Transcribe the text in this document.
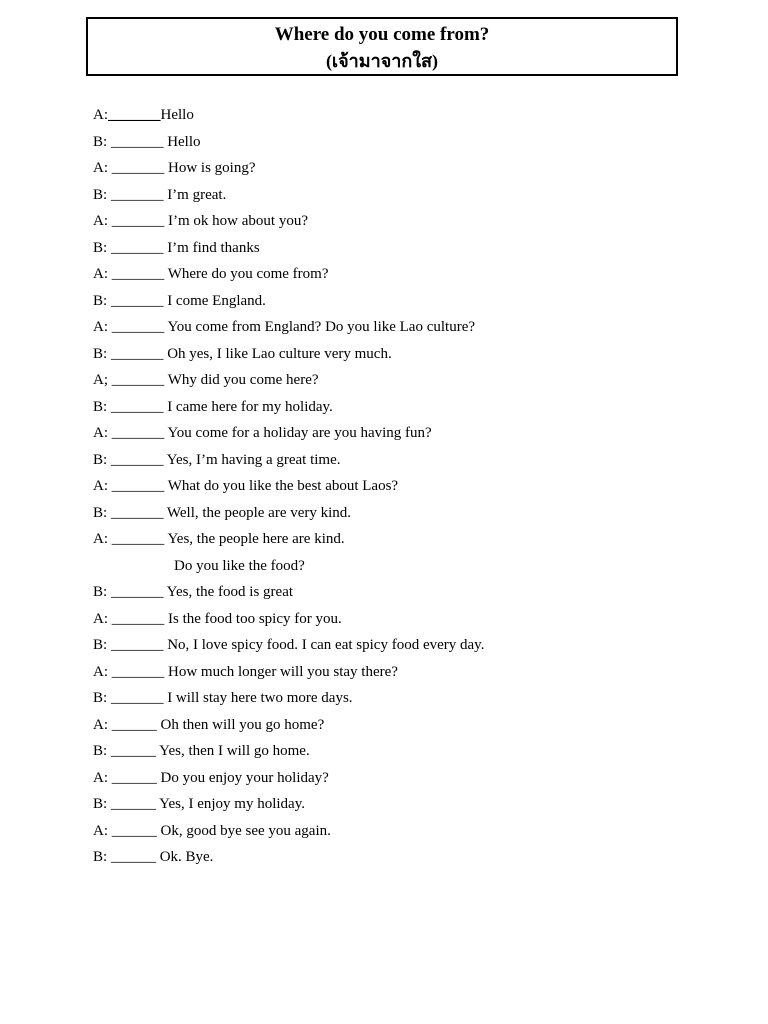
Where do you come from?
(เจ้ามาจากใส)
A:_______Hello
B: _______ Hello
A: _______ How is going?
B: _______ I’m great.
A: _______ I’m ok how about you?
B: _______ I’m find thanks
A: _______ Where do you come from?
B: _______ I come England.
A: _______ You come from England? Do you like Lao culture?
B: _______ Oh yes, I like Lao culture very much.
A; _______ Why did you come here?
B: _______ I came here for my holiday.
A: _______ You come for a holiday are you having fun?
B: _______ Yes, I’m having a great time.
A: _______ What do you like the best about Laos?
B: _______ Well, the people are very kind.
A: _______ Yes, the people here are kind.
Do you like the food?
B: _______ Yes, the food is great
A: _______ Is the food too spicy for you.
B: _______ No, I love spicy food. I can eat spicy food every day.
A: _______ How much longer will you stay there?
B: _______ I will stay here two more days.
A: ______ Oh then will you go home?
B: ______ Yes, then I will go home.
A: ______ Do you enjoy your holiday?
B: ______ Yes, I enjoy my holiday.
A: ______ Ok, good bye see you again.
B: ______ Ok. Bye.
